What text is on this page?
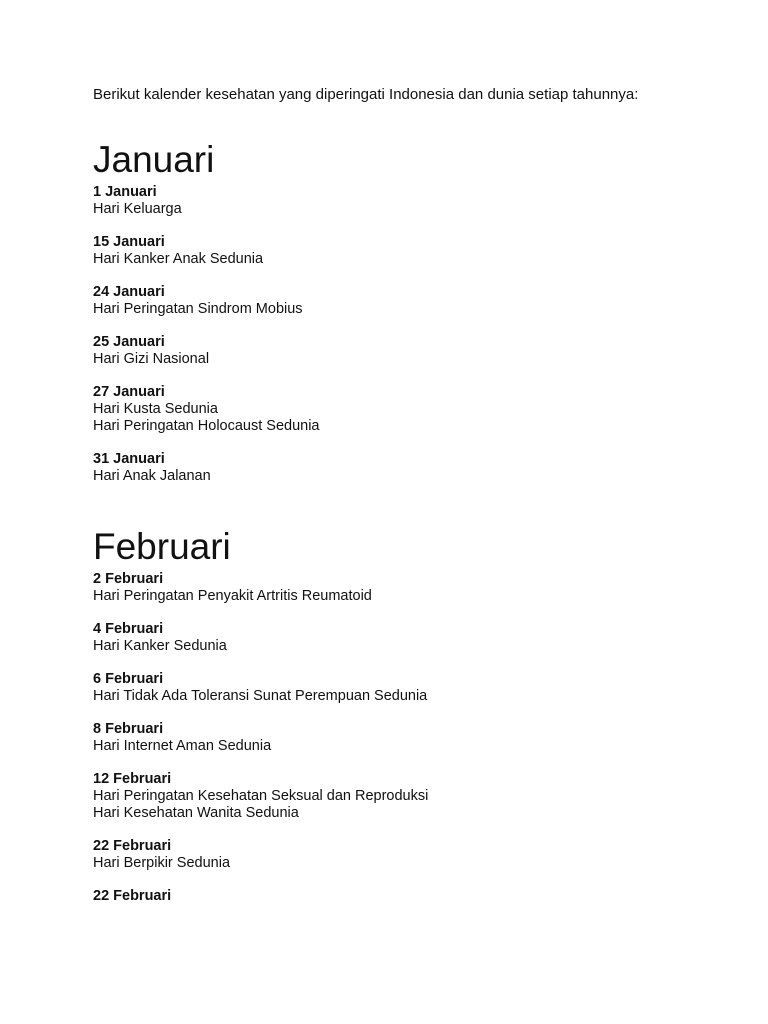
Berikut kalender kesehatan yang diperingati Indonesia dan dunia setiap tahunnya:

Januari
1 Januari
Hari Keluarga
15 Januari
Hari Kanker Anak Sedunia
24 Januari
Hari Peringatan Sindrom Mobius
25 Januari
Hari Gizi Nasional
27 Januari
Hari Kusta Sedunia
Hari Peringatan Holocaust Sedunia
31 Januari
Hari Anak Jalanan
Februari
2 Februari
Hari Peringatan Penyakit Artritis Reumatoid
4 Februari
Hari Kanker Sedunia
6 Februari
Hari Tidak Ada Toleransi Sunat Perempuan Sedunia
8 Februari
Hari Internet Aman Sedunia
12 Februari
Hari Peringatan Kesehatan Seksual dan Reproduksi
Hari Kesehatan Wanita Sedunia
22 Februari
Hari Berpikir Sedunia
22 Februari
